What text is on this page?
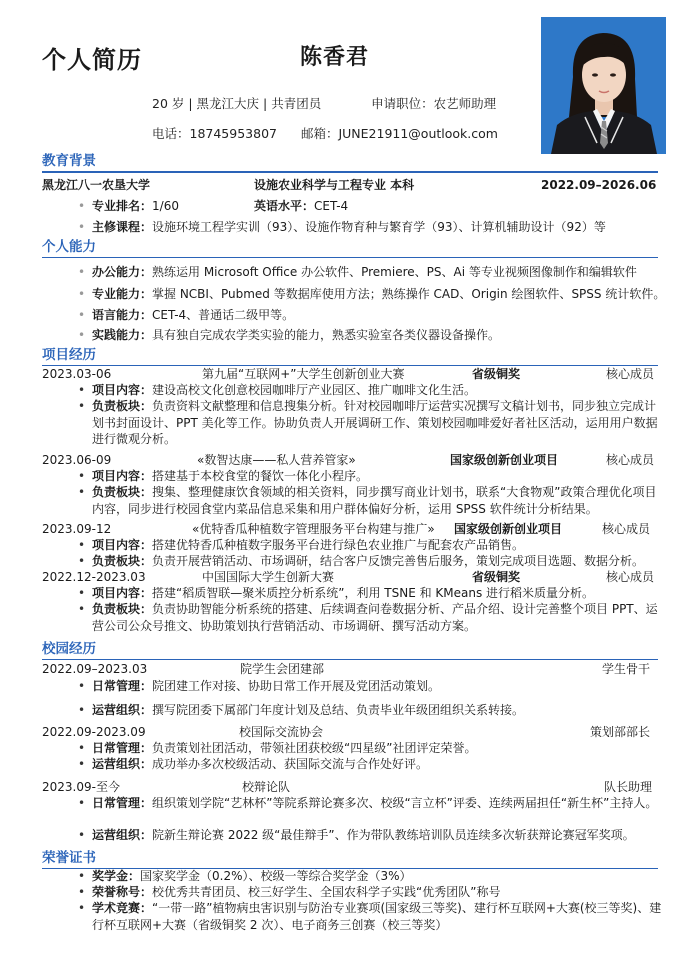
个人简历	陈香君
20 岁 | 黑龙江大庆 | 共青团员	申请职位：农艺师助理
电话：18745953807 邮箱：JUNE21911@outlook.com
教育背景
黑龙江八一农垦大学	设施农业科学与工程专业 本科	2022.09–2026.06
• 专业排名：1/60	英语水平：CET-4
• 主修课程：设施环境工程学实训（93）、设施作物育种与繁育学（93）、计算机辅助设计（92）等
个人能力
• 办公能力：熟练运用 Microsoft Office 办公软件、Premiere、PS、Ai 等专业视频图像制作和编辑软件
• 专业能力：掌握 NCBI、Pubmed 等数据库使用方法；熟练操作 CAD、Origin 绘图软件、SPSS 统计软件。
• 语言能力：CET-4、普通话二级甲等。
• 实践能力：具有独自完成农学类实验的能力，熟悉实验室各类仪器设备操作。
项目经历
2023.03-06	第九届“互联网+”大学生创新创业大赛	省级铜奖	核心成员
• 项目内容：建设高校文化创意校园咖啡厅产业园区、推广咖啡文化生活。
• 负责板块：负责资料文献整理和信息搜集分析。针对校园咖啡厅运营实况撰写文稿计划书，同步独立完成计划书封面设计、PPT 美化等工作。协助负责人开展调研工作、策划校园咖啡爱好者社区活动，运用用户数据进行微观分析。
2023.06-09	«数智达康——私人营养管家»	国家级创新创业项目	核心成员
• 项目内容：搭建基于本校食堂的餐饮一体化小程序。
• 负责板块：搜集、整理健康饮食领域的相关资料，同步撰写商业计划书，联系“大食物观”政策合理优化项目内容，同步进行校园食堂内菜品信息采集和用户群体偏好分析，运用 SPSS 软件统计分析结果。
2023.09-12	«优特香瓜种植数字管理服务平台构建与推广» 国家级创新创业项目	核心成员
• 项目内容：搭建优特香瓜种植数字服务平台进行绿色农业推广与配套农产品销售。
• 负责板块：负责开展营销活动、市场调研，结合客户反馈完善售后服务，策划完成项目选题、数据分析。
2022.12-2023.03	中国国际大学生创新大赛	省级铜奖	核心成员
• 项目内容：搭建“稻质智联—聚米质控分析系统”，利用 TSNE 和 KMeans 进行稻米质量分析。
• 负责板块：负责协助智能分析系统的搭建、后续调查问卷数据分析、产品介绍、设计完善整个项目 PPT、运营公司公众号推文、协助策划执行营销活动、市场调研、撰写活动方案。
校园经历
2022.09–2023.03	院学生会团建部	学生骨干
• 日常管理：院团建工作对接、协助日常工作开展及党团活动策划。
• 运营组织：撰写院团委下属部门年度计划及总结、负责毕业年级团组织关系转接。
2022.09-2023.09	校国际交流协会	策划部部长
• 日常管理：负责策划社团活动，带领社团获校级“四星级”社团评定荣誉。
• 运营组织：成功举办多次校级活动、获国际交流与合作处好评。
2023.09-至今	校辩论队	队长助理
• 日常管理：组织策划学院“艺林杯”等院系辩论赛多次、校级“言立杯”评委、连续两届担任“新生杯”主持人。
• 运营组织：院新生辩论赛 2022 级“最佳辩手”、作为带队教练培训队员连续多次斩获辩论赛冠军奖项。
荣誉证书
• 奖学金：国家奖学金（0.2%）、校级一等综合奖学金（3%）
• 荣誉称号：校优秀共青团员、校三好学生、全国农科学子实践“优秀团队”称号
• 学术竞赛：“一带一路”植物病虫害识别与防治专业赛项(国家级三等奖)、建行杯互联网+大赛(校三等奖)、建行杯互联网+大赛（省级铜奖 2 次）、电子商务三创赛（校三等奖）
